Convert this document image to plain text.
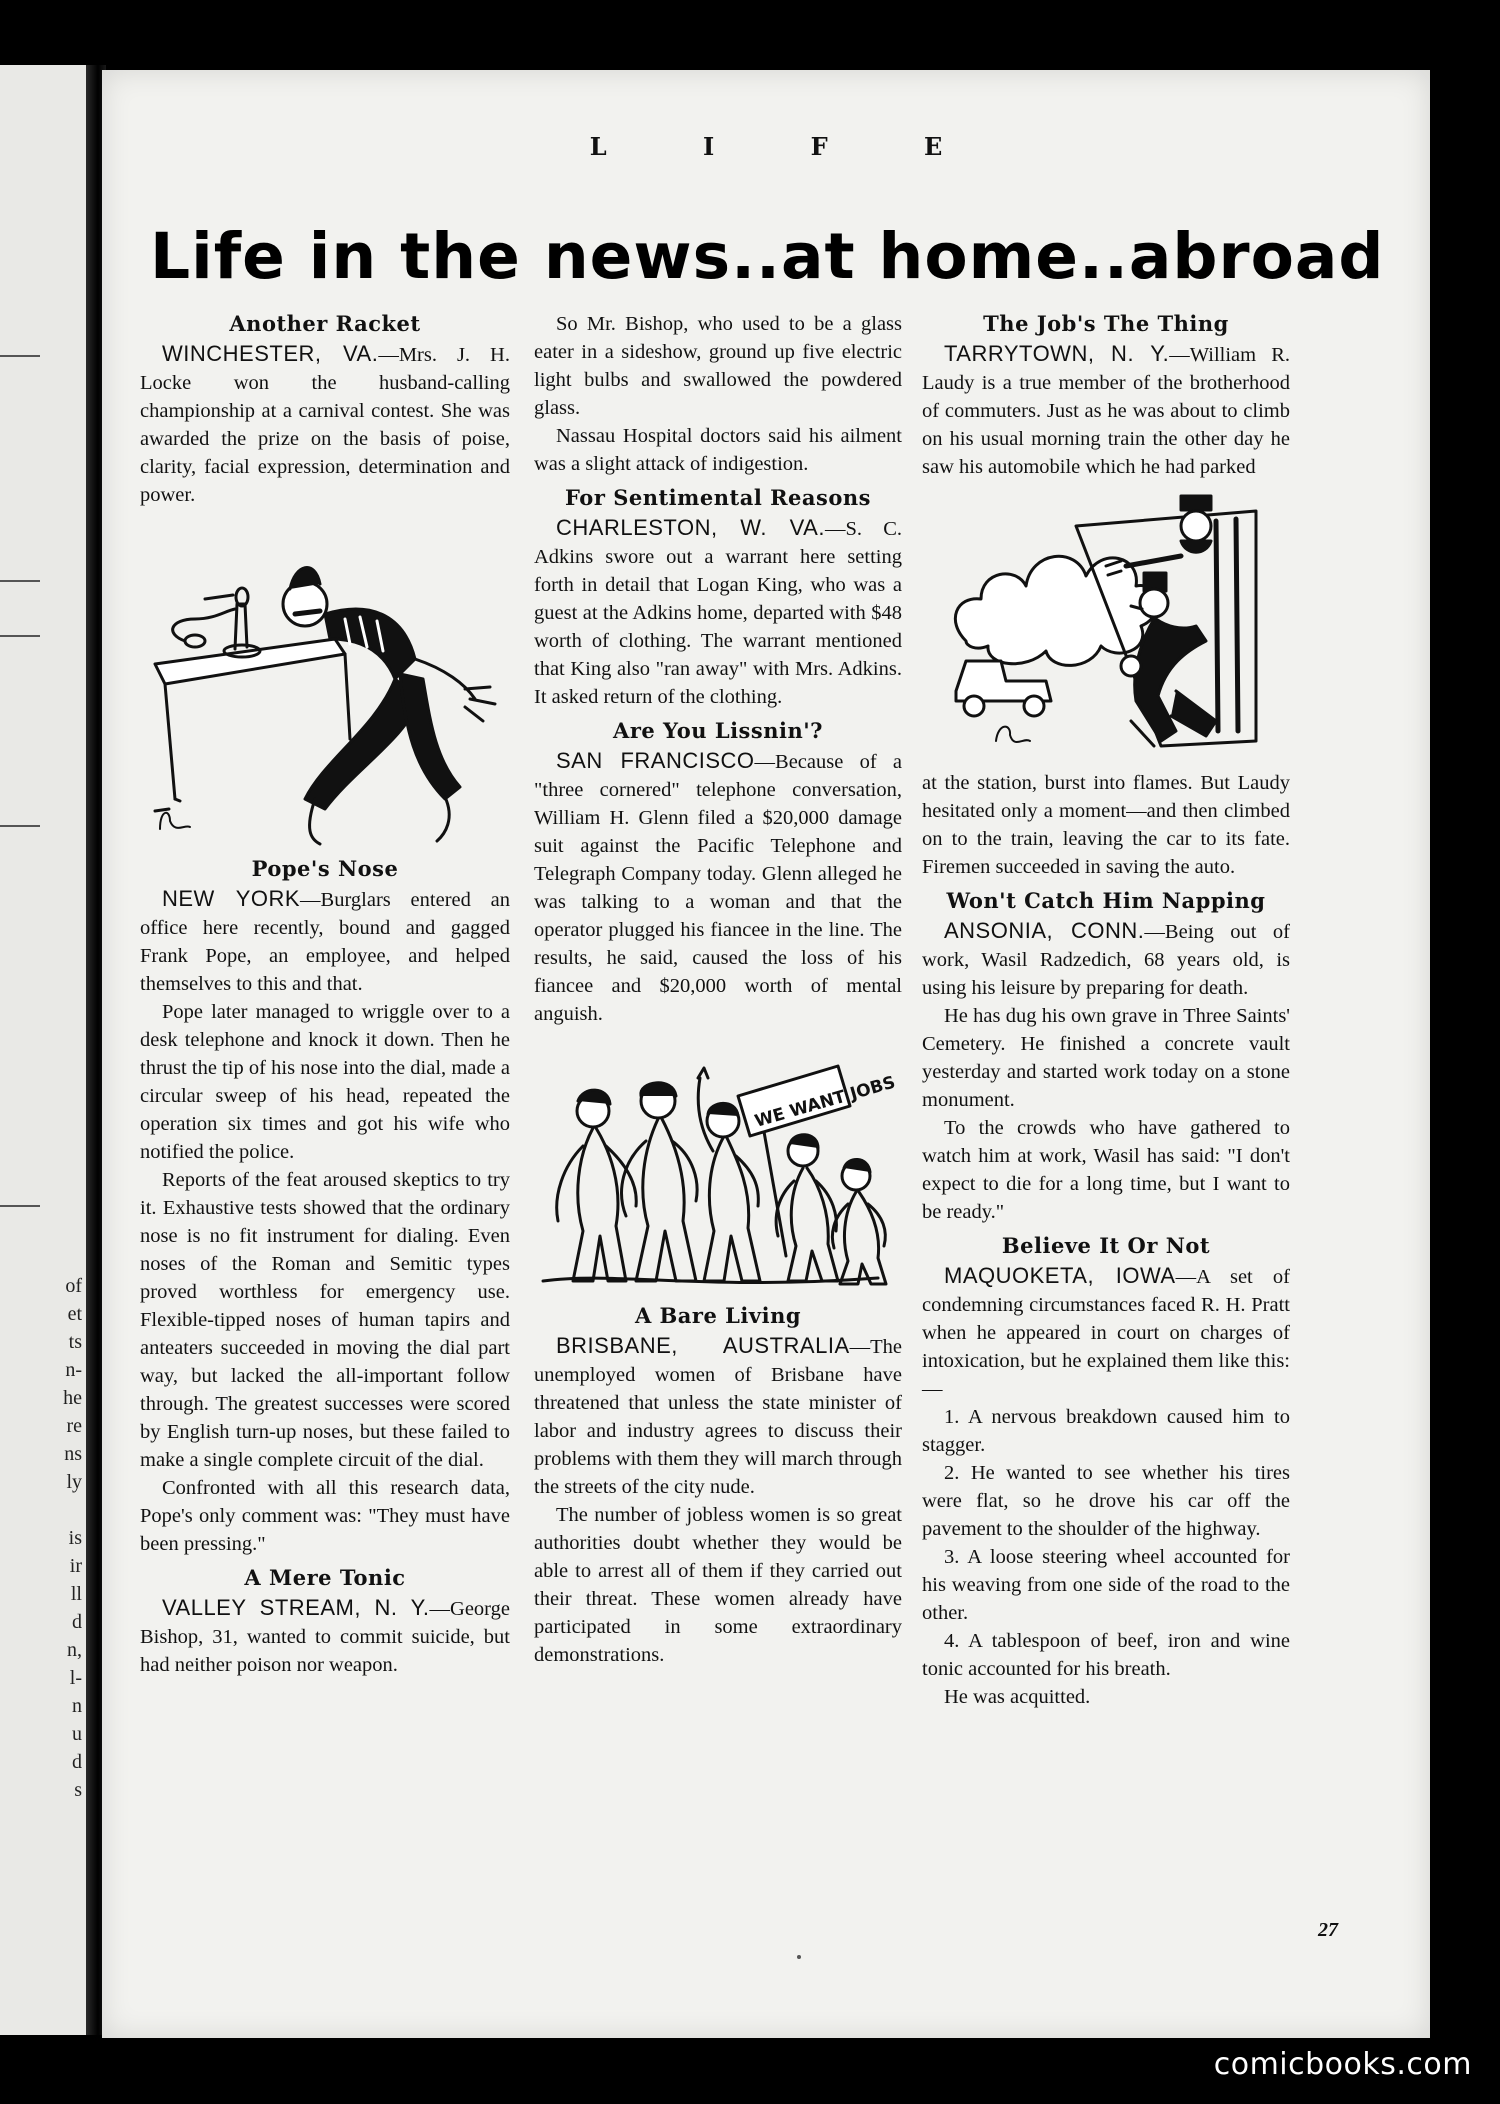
of
et
ts
n-
he
re
ns
ly
is
ir
ll
d
n,
l-
n
u
d
s
L I F E
Life in the news..at home..abroad
Another Racket

WINCHESTER, VA.—Mrs. J. H. Locke won the husband-calling championship at a carnival contest. She was awarded the prize on the basis of poise, clarity, facial expression, determination and power.

Pope's Nose

NEW YORK—Burglars entered an office here recently, bound and gagged Frank Pope, an employee, and helped themselves to this and that.

Pope later managed to wriggle over to a desk telephone and knock it down. Then he thrust the tip of his nose into the dial, made a circular sweep of his head, repeated the operation six times and got his wife who notified the police.

Reports of the feat aroused skeptics to try it. Exhaustive tests showed that the ordinary nose is no fit instrument for dialing. Even noses of the Roman and Semitic types proved worthless for emergency use. Flexible-tipped noses of human tapirs and anteaters succeeded in moving the dial part way, but lacked the all-important follow through. The greatest successes were scored by English turn-up noses, but these failed to make a single complete circuit of the dial.

Confronted with all this research data, Pope's only comment was: "They must have been pressing."

A Mere Tonic

VALLEY STREAM, N. Y.—George Bishop, 31, wanted to commit suicide, but had neither poison nor weapon.

So Mr. Bishop, who used to be a glass eater in a sideshow, ground up five electric light bulbs and swallowed the powdered glass.

Nassau Hospital doctors said his ailment was a slight attack of indigestion.

For Sentimental Reasons

CHARLESTON, W. VA.—S. C. Adkins swore out a warrant here setting forth in detail that Logan King, who was a guest at the Adkins home, departed with $48 worth of clothing. The warrant mentioned that King also "ran away" with Mrs. Adkins. It asked return of the clothing.

Are You Lissnin'?

SAN FRANCISCO—Because of a "three cornered" telephone conversation, William H. Glenn filed a $20,000 damage suit against the Pacific Telephone and Telegraph Company today. Glenn alleged he was talking to a woman and that the operator plugged his fiancee in the line. The results, he said, caused the loss of his fiancee and $20,000 worth of mental anguish.

WE WANT JOBS
A Bare Living

BRISBANE, AUSTRALIA—The unemployed women of Brisbane have threatened that unless the state minister of labor and industry agrees to discuss their problems with them they will march through the streets of the city nude.

The number of jobless women is so great authorities doubt whether they would be able to arrest all of them if they carried out their threat. These women already have participated in some extraordinary demonstrations.

The Job's The Thing

TARRYTOWN, N. Y.—William R. Laudy is a true member of the brotherhood of commuters. Just as he was about to climb on his usual morning train the other day he saw his automobile which he had parked

at the station, burst into flames. But Laudy hesitated only a moment—and then climbed on to the train, leaving the car to its fate. Firemen succeeded in saving the auto.

Won't Catch Him Napping

ANSONIA, CONN.—Being out of work, Wasil Radzedich, 68 years old, is using his leisure by preparing for death.

He has dug his own grave in Three Saints' Cemetery. He finished a concrete vault yesterday and started work today on a stone monument.

To the crowds who have gathered to watch him at work, Wasil has said: "I don't expect to die for a long time, but I want to be ready."

Believe It Or Not

MAQUOKETA, IOWA—A set of condemning circumstances faced R. H. Pratt when he appeared in court on charges of intoxication, but he explained them like this:—

1. A nervous breakdown caused him to stagger.

2. He wanted to see whether his tires were flat, so he drove his car off the pavement to the shoulder of the highway.

3. A loose steering wheel accounted for his weaving from one side of the road to the other.

4. A tablespoon of beef, iron and wine tonic accounted for his breath.

He was acquitted.

27
comicbooks.com
